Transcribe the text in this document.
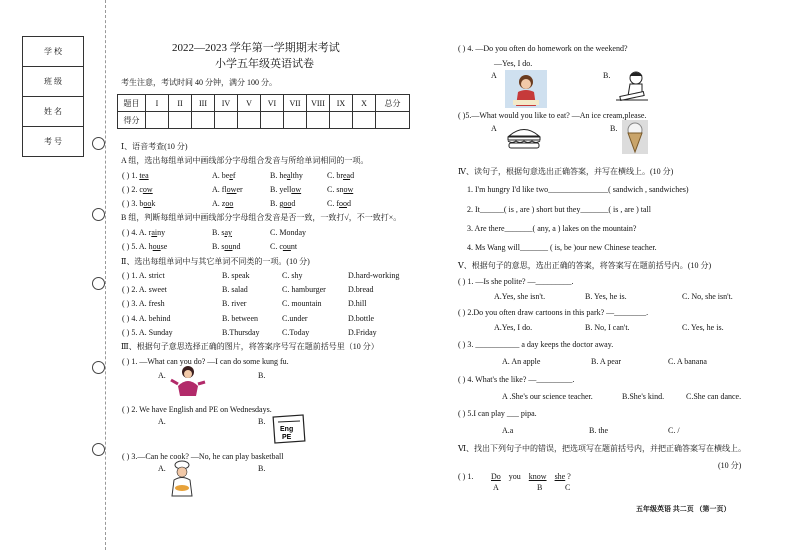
学 校
班 级
姓 名
考 号
2022—2023 学年第一学期期末考试
小学五年级英语试卷
考生注意，考试时间 40 分钟，满分 100 分。
题目	I	II	III	IV	V	VI	VII	VIII	IX	X	总分
得分											
Ⅰ、语音考查(10 分)
A 组，选出每组单词中画线部分字母组合发音与所给单词相同的一项。
( ) 1. tea	A. beef	B. healthy	C. bread
( ) 2. cow	A. flower	B. yellow	C. snow
( ) 3. book	A. zoo	B. good	C. food
B 组，判断每组单词中画线部分字母组合发音是否一致，一致打√，不一致打×。
( ) 4. A. rainy	B. say	C. Monday
( ) 5. A. house	B. sound	C. count
Ⅱ、选出每组单词中与其它单词不同类的一项。(10 分)
( ) 1. A. strict	B. speak	C. shy	D.hard-working
( ) 2. A. sweet	B. salad	C. hamburger	D.bread
( ) 3. A. fresh	B. river	C. mountain	D.hill
( ) 4. A. behind	B. between	C.under	D.bottle
( ) 5. A. Sunday	B.Thursday	C.Today	D.Friday
Ⅲ、根据句子意思选择正确的图片，将答案序号写在题前括号里（10 分）
( ) 1. —What can you do? —I can do some kung fu.
A.	B.
( ) 2. We have English and PE on Wednesdays.
A.	B.
Eng
PE
( ) 3.—Can he cook? —No, he can play basketball
A.	B.
( ) 4. —Do you often do homework on the weekend?
—Yes, I do.
A	B.
( )5.—What would you like to eat? —An ice cream,please.
A	B.
Ⅳ、读句子，根据句意选出正确答案，并写在横线上。(10 分)
1. I'm hungry I'd like two_______________( sandwich , sandwiches)
2. It______( is , are ) short but they_______( is , are ) tall
3. Are there_______( any, a ) lakes on the mountain?
4. Ms Wang will_______ ( is, be )our new Chinese teacher.
Ⅴ、根据句子的意思，选出正确的答案，将答案写在题前括号内。(10 分)
( ) 1. —Is she polite? —_________.
A.Yes, she isn't.	B. Yes, he is.	C. No, she isn't.
( ) 2.Do you often draw cartoons in this park? —________.
A.Yes, I do.	B. No, I can't.	C. Yes, he is.
( ) 3. ___________ a day keeps the doctor away.
A. An apple	B. A pear	C. A banana
( ) 4. What's the like? —_________.
A .She's our science teacher.	B.She's kind.	C.She can dance.
( ) 5.I can play ___ pipa.
A.a	B. the	C. /
Ⅵ、找出下列句子中的错误，把选项写在题前括号内，并把正确答案写在横线上。
(10 分)
( ) 1. Do you know she ?
A	B	C
五年级英语 共二页 （第一页）
